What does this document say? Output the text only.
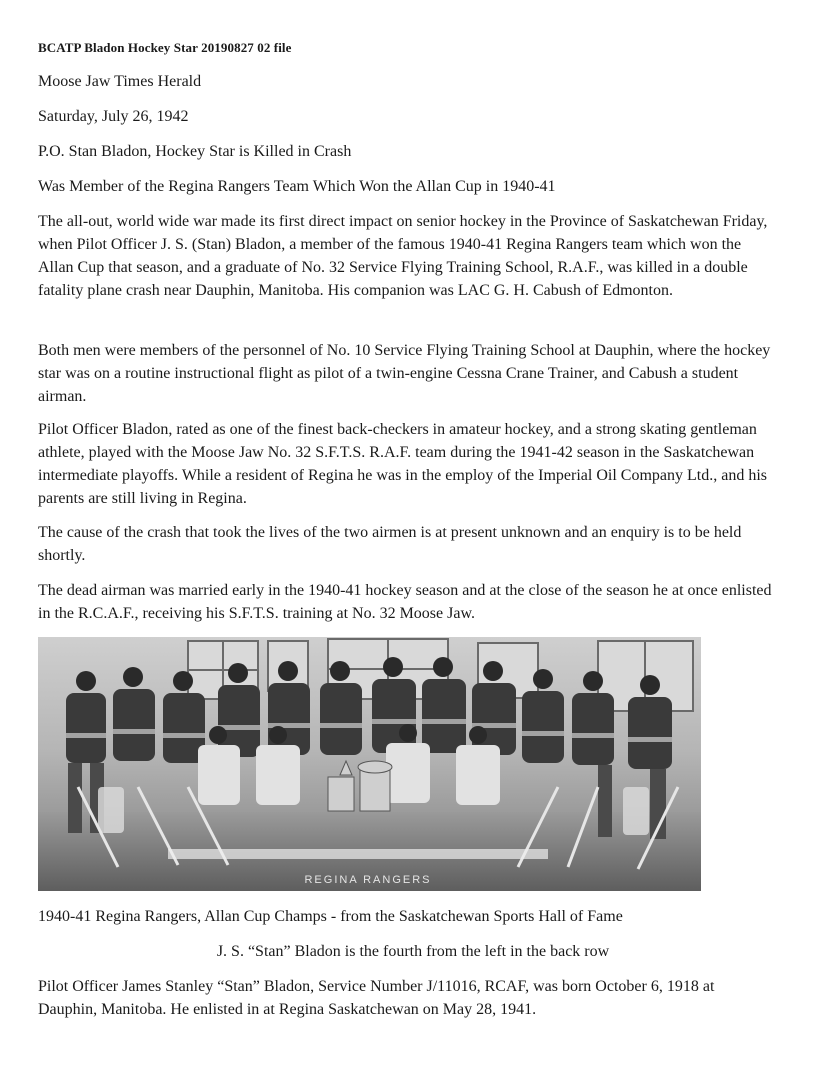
BCATP Bladon Hockey Star 20190827 02 file
Moose Jaw Times Herald
Saturday, July 26, 1942
P.O. Stan Bladon, Hockey Star is Killed in Crash
Was Member of the Regina Rangers Team Which Won the Allan Cup in 1940-41
The all-out, world wide war made its first direct impact on senior hockey in the Province of Saskatchewan Friday, when Pilot Officer J. S. (Stan) Bladon, a member of the famous 1940-41 Regina Rangers team which won the Allan Cup that season, and a graduate of No. 32 Service Flying Training School, R.A.F., was killed in a double fatality plane crash near Dauphin, Manitoba. His companion was LAC G. H. Cabush of Edmonton.
Both men were members of the personnel of No. 10 Service Flying Training School at Dauphin, where the hockey star was on a routine instructional flight as pilot of a twin-engine Cessna Crane Trainer, and Cabush a student airman.
Pilot Officer Bladon, rated as one of the finest back-checkers in amateur hockey, and a strong skating gentleman athlete, played with the Moose Jaw No. 32 S.F.T.S. R.A.F. team during the 1941-42 season in the Saskatchewan intermediate playoffs. While a resident of Regina he was in the employ of the Imperial Oil Company Ltd., and his parents are still living in Regina.
The cause of the crash that took the lives of the two airmen is at present unknown and an enquiry is to be held shortly.
The dead airman was married early in the 1940-41 hockey season and at the close of the season he at once enlisted in the R.C.A.F., receiving his S.F.T.S. training at No. 32 Moose Jaw.
REGINA RANGERS
1940-41 Regina Rangers, Allan Cup Champs - from the Saskatchewan Sports Hall of Fame
J. S. “Stan” Bladon is the fourth from the left in the back row
Pilot Officer James Stanley “Stan” Bladon, Service Number J/11016, RCAF, was born October 6, 1918 at Dauphin, Manitoba. He enlisted in at Regina Saskatchewan on May 28, 1941.
